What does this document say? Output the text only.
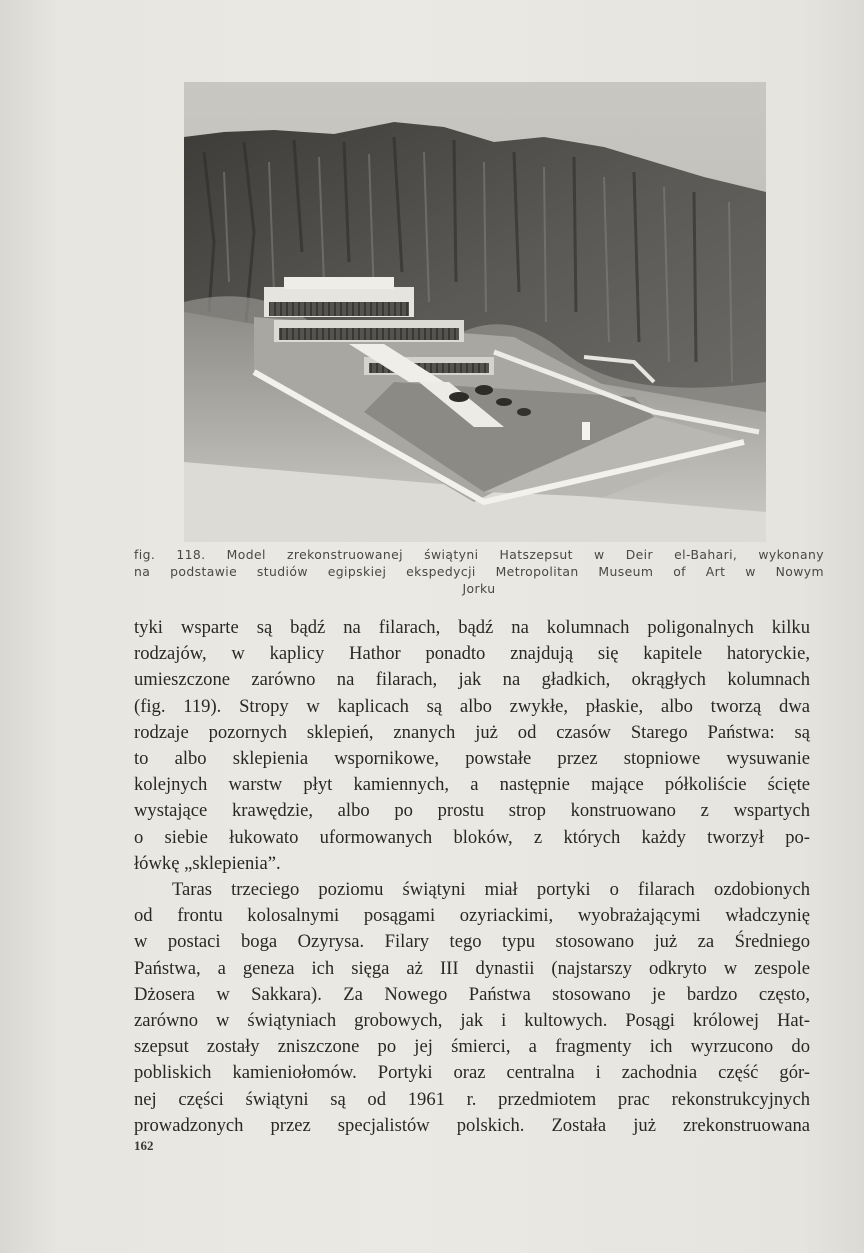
fig. 118. Model zrekonstruowanej świątyni Hatszepsut w Deir el-Bahari, wykonany
na podstawie studiów egipskiej ekspedycji Metropolitan Museum of Art w Nowym
Jorku

tyki wsparte są bądź na filarach, bądź na kolumnach poligonalnych kilku
rodzajów, w kaplicy Hathor ponadto znajdują się kapitele hatoryckie,
umieszczone zarówno na filarach, jak na gładkich, okrągłych kolumnach
(fig. 119). Stropy w kaplicach są albo zwykłe, płaskie, albo tworzą dwa
rodzaje pozornych sklepień, znanych już od czasów Starego Państwa: są
to albo sklepienia wspornikowe, powstałe przez stopniowe wysuwanie
kolejnych warstw płyt kamiennych, a następnie mające półkoliście ścięte
wystające krawędzie, albo po prostu strop konstruowano z wspartych
o siebie łukowato uformowanych bloków, z których każdy tworzył po-
łówkę „sklepienia”.

Taras trzeciego poziomu świątyni miał portyki o filarach ozdobionych
od frontu kolosalnymi posągami ozyriackimi, wyobrażającymi władczynię
w postaci boga Ozyrysa. Filary tego typu stosowano już za Średniego
Państwa, a geneza ich sięga aż III dynastii (najstarszy odkryto w zespole
Dżosera w Sakkara). Za Nowego Państwa stosowano je bardzo często,
zarówno w świątyniach grobowych, jak i kultowych. Posągi królowej Hat-
szepsut zostały zniszczone po jej śmierci, a fragmenty ich wyrzucono do
pobliskich kamieniołomów. Portyki oraz centralna i zachodnia część gór-
nej części świątyni są od 1961 r. przedmiotem prac rekonstrukcyjnych
prowadzonych przez specjalistów polskich. Została już zrekonstruowana

162
